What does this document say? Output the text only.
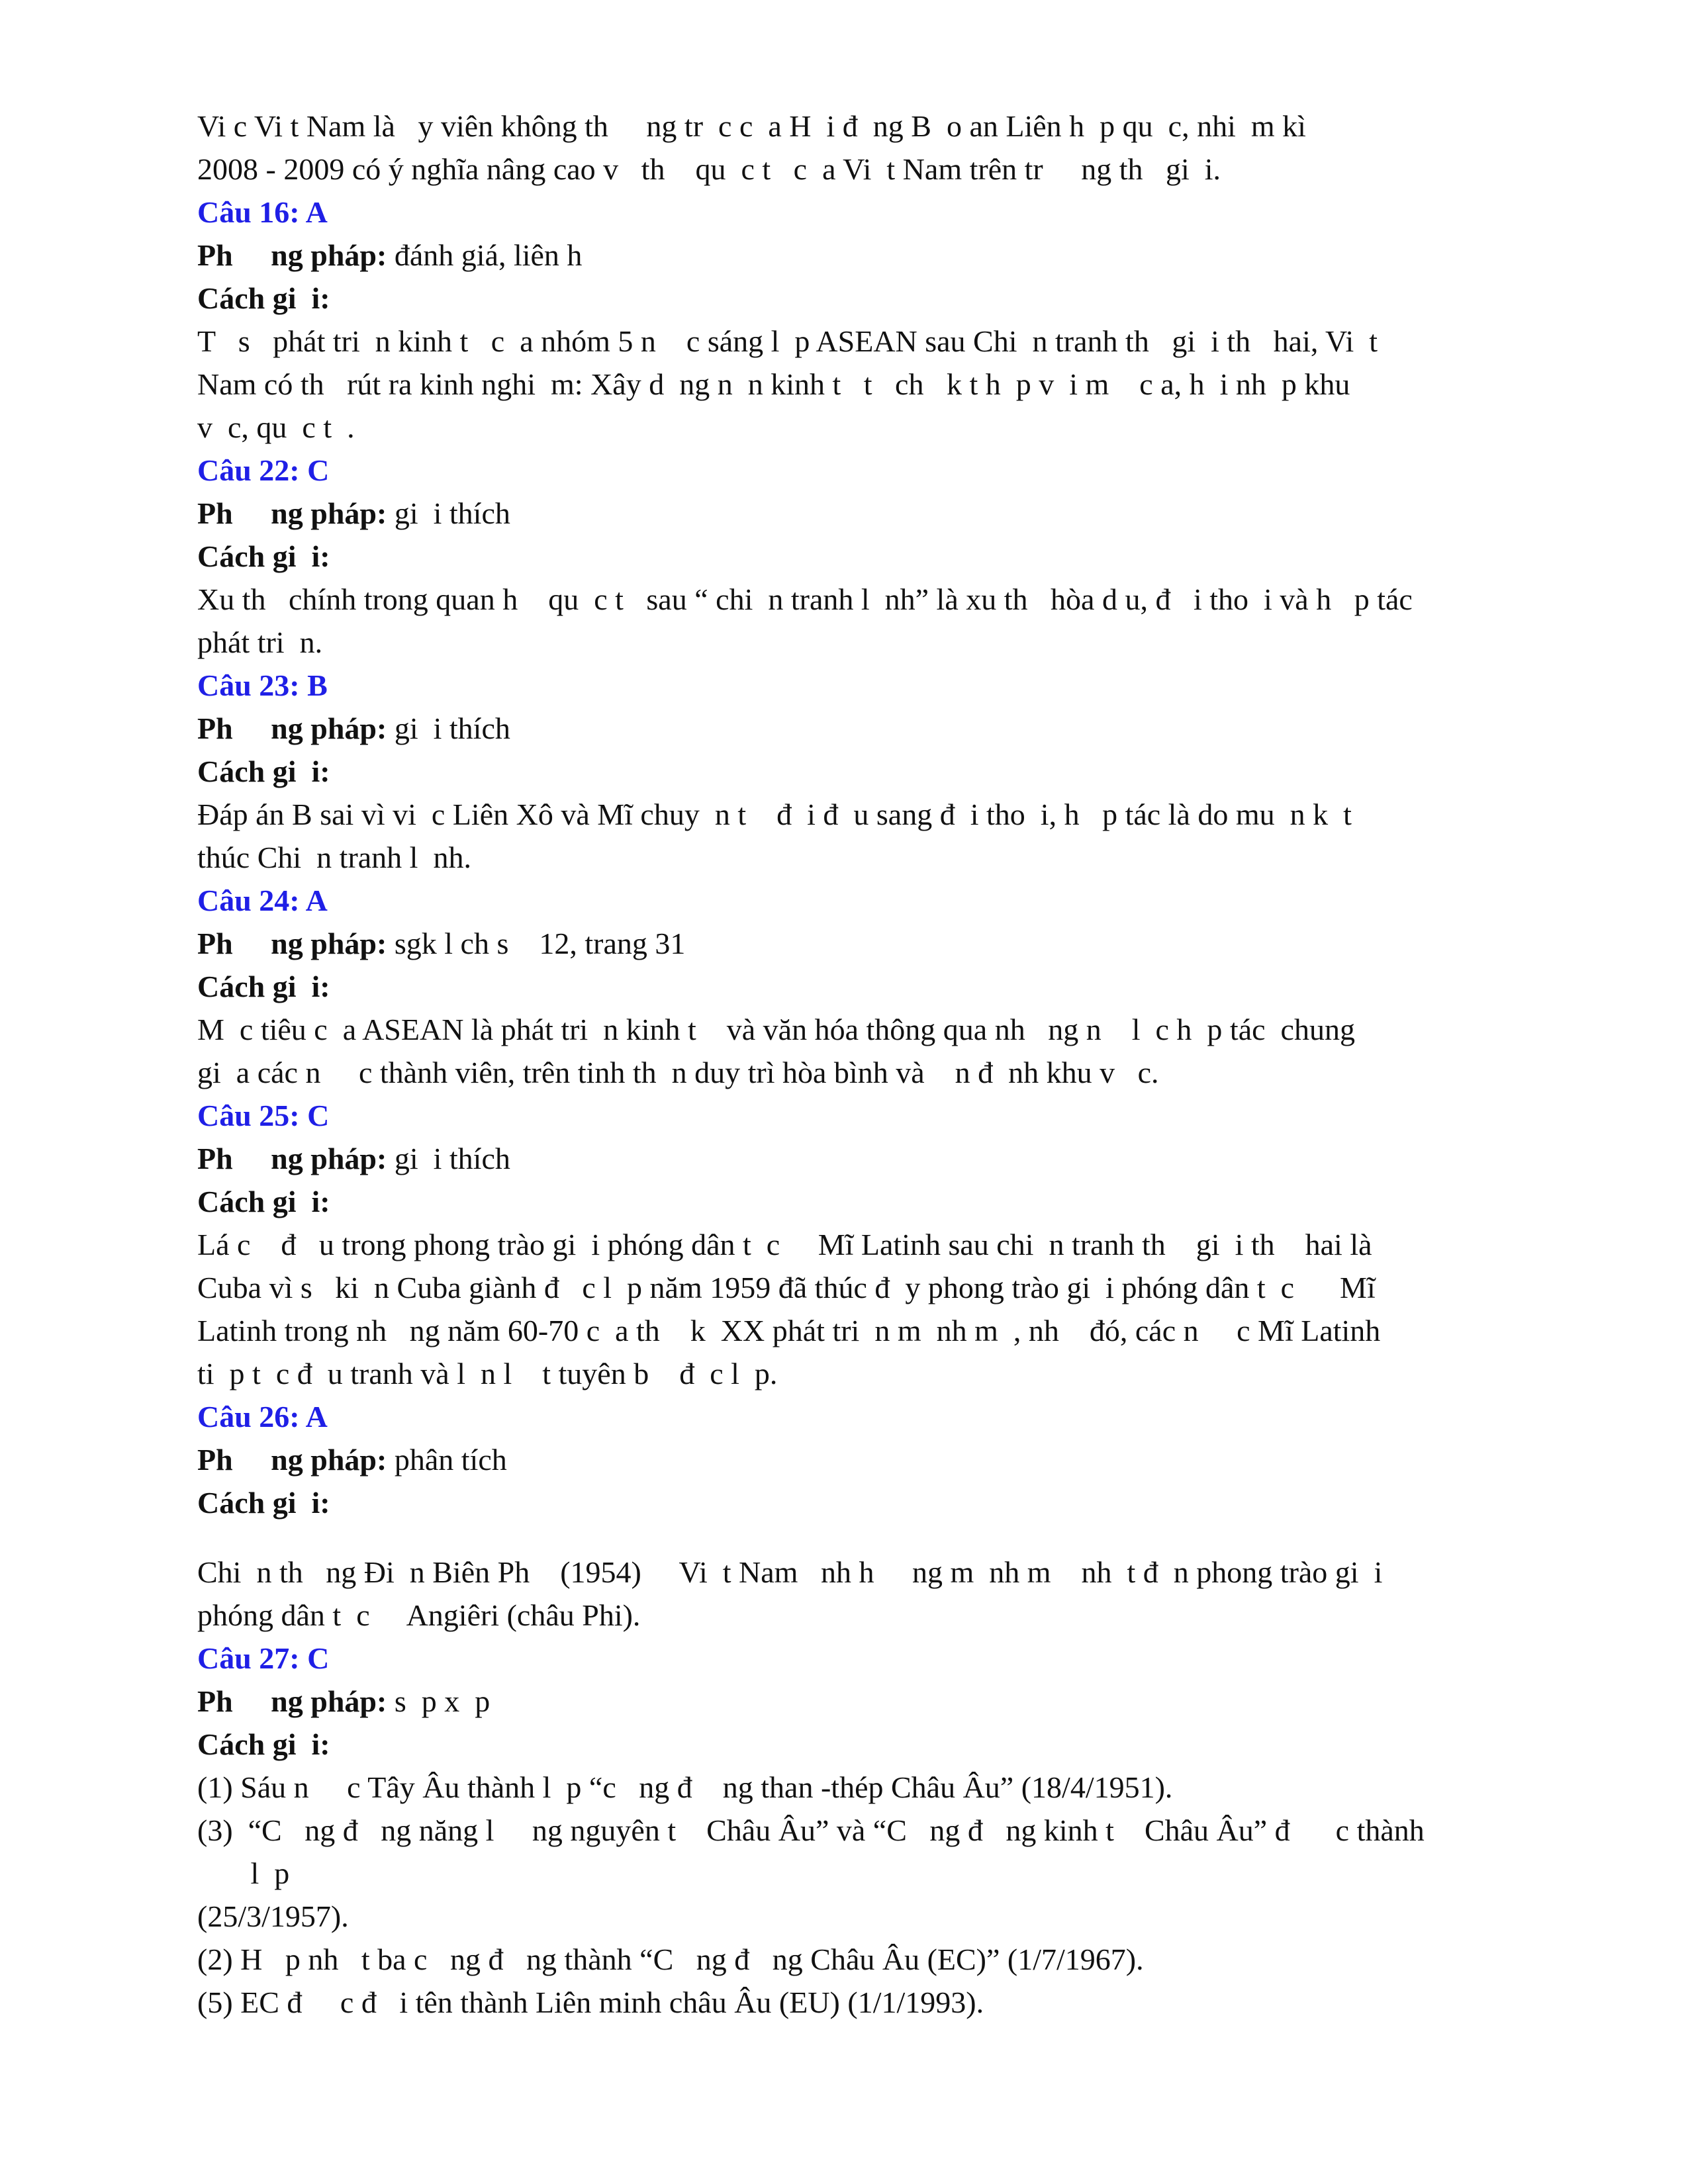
Vi c Vi t Nam là   y viên không th     ng tr  c c  a H  i đ  ng B  o an Liên h  p qu  c, nhi  m kì
2008 - 2009 có ý nghĩa nâng cao v   th    qu  c t   c  a Vi  t Nam trên tr     ng th   gi  i.
Câu 16: A
Ph     ng pháp: đánh giá, liên h
Cách gi  i:
T   s   phát tri  n kinh t   c  a nhóm 5 n    c sáng l  p ASEAN sau Chi  n tranh th   gi  i th   hai, Vi  t
Nam có th   rút ra kinh nghi  m: Xây d  ng n  n kinh t   t   ch   k t h  p v  i m    c a, h  i nh  p khu
v  c, qu  c t  .
Câu 22: C
Ph     ng pháp: gi  i thích
Cách gi  i:
Xu th   chính trong quan h    qu  c t   sau “ chi  n tranh l  nh” là xu th   hòa d u, đ   i tho  i và h   p tác
phát tri  n.
Câu 23: B
Ph     ng pháp: gi  i thích
Cách gi  i:
Đáp án B sai vì vi  c Liên Xô và Mĩ chuy  n t    đ  i đ  u sang đ  i tho  i, h   p tác là do mu  n k  t
thúc Chi  n tranh l  nh.
Câu 24: A
Ph     ng pháp: sgk l ch s    12, trang 31
Cách gi  i:
M  c tiêu c  a ASEAN là phát tri  n kinh t    và văn hóa thông qua nh   ng n    l  c h  p tác  chung
gi  a các n     c thành viên, trên tinh th  n duy trì hòa bình và    n đ  nh khu v   c.
Câu 25: C
Ph     ng pháp: gi  i thích
Cách gi  i:
Lá c    đ   u trong phong trào gi  i phóng dân t  c     Mĩ Latinh sau chi  n tranh th    gi  i th    hai là
Cuba vì s   ki  n Cuba giành đ   c l  p năm 1959 đã thúc đ  y phong trào gi  i phóng dân t  c      Mĩ
Latinh trong nh   ng năm 60-70 c  a th    k  XX phát tri  n m  nh m  , nh    đó, các n     c Mĩ Latinh
ti  p t  c đ  u tranh và l  n l    t tuyên b    đ  c l  p.
Câu 26: A
Ph     ng pháp: phân tích
Cách gi  i:
Chi  n th   ng Đi  n Biên Ph    (1954)     Vi  t Nam   nh h     ng m  nh m    nh  t đ  n phong trào gi  i
phóng dân t  c     Angiêri (châu Phi).
Câu 27: C
Ph     ng pháp: s  p x  p
Cách gi  i:
(1) Sáu n     c Tây Âu thành l  p “c   ng đ    ng than -thép Châu Âu” (18/4/1951).
(3)  “C   ng đ   ng năng l     ng nguyên t    Châu Âu” và “C   ng đ   ng kinh t    Châu Âu” đ      c thành
l  p
(25/3/1957).
(2) H   p nh   t ba c   ng đ   ng thành “C   ng đ   ng Châu Âu (EC)” (1/7/1967).
(5) EC đ     c đ   i tên thành Liên minh châu Âu (EU) (1/1/1993).
